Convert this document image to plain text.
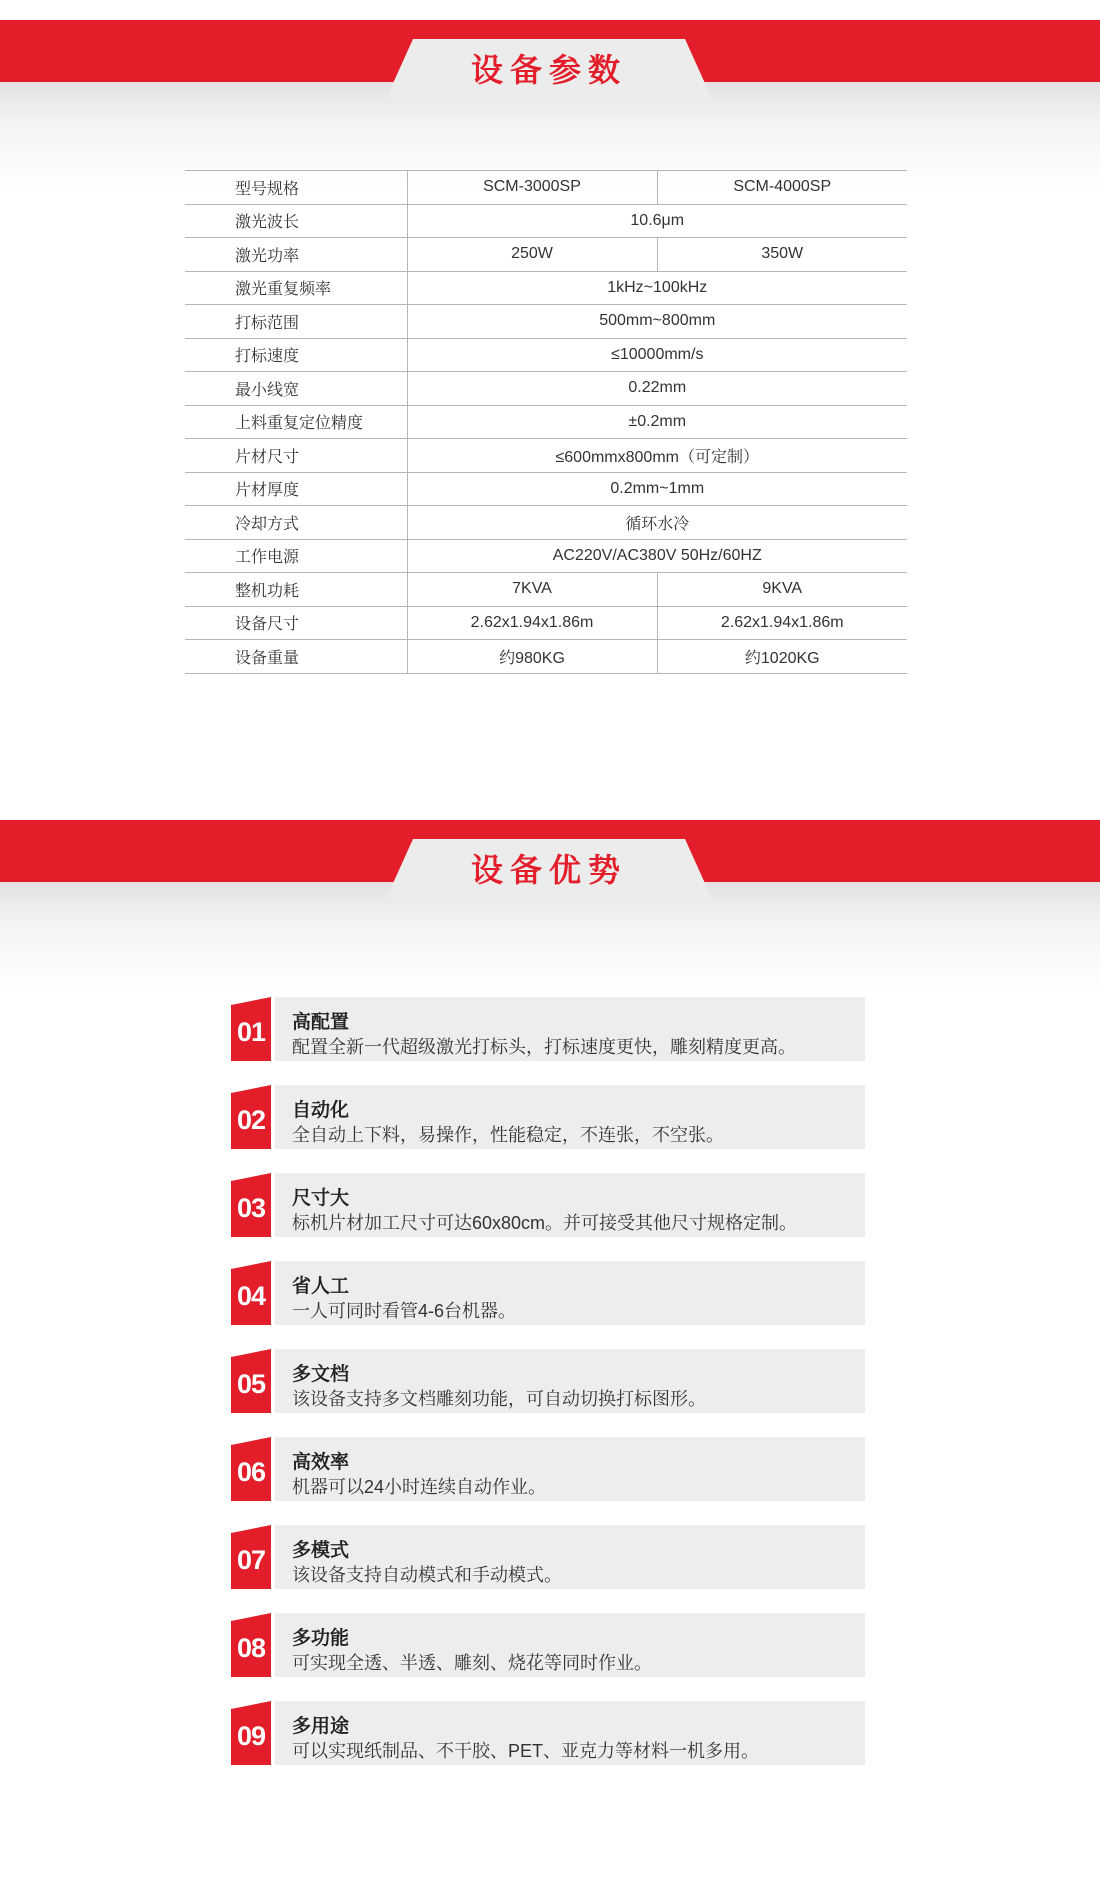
设备参数
型号规格	SCM-3000SP	SCM-4000SP
激光波长	10.6μm	
激光功率	250W	350W
激光重复频率	1kHz~100kHz	
打标范围	500mm~800mm	
打标速度	≤10000mm/s	
最小线宽	0.22mm	
上料重复定位精度	±0.2mm	
片材尺寸	≤600mmx800mm（可定制）	
片材厚度	0.2mm~1mm	
冷却方式	循环水冷	
工作电源	AC220V/AC380V 50Hz/60HZ	
整机功耗	7KVA	9KVA
设备尺寸	2.62x1.94x1.86m	2.62x1.94x1.86m
设备重量	约980KG	约1020KG
设备优势
01	高配置
配置全新一代超级激光打标头，打标速度更快，雕刻精度更高。
02	自动化
全自动上下料，易操作，性能稳定，不连张，不空张。
03	尺寸大
标机片材加工尺寸可达60x80cm。并可接受其他尺寸规格定制。
04	省人工
一人可同时看管4-6台机器。
05	多文档
该设备支持多文档雕刻功能，可自动切换打标图形。
06	高效率
机器可以24小时连续自动作业。
07	多模式
该设备支持自动模式和手动模式。
08	多功能
可实现全透、半透、雕刻、烧花等同时作业。
09	多用途
可以实现纸制品、不干胶、PET、亚克力等材料一机多用。
